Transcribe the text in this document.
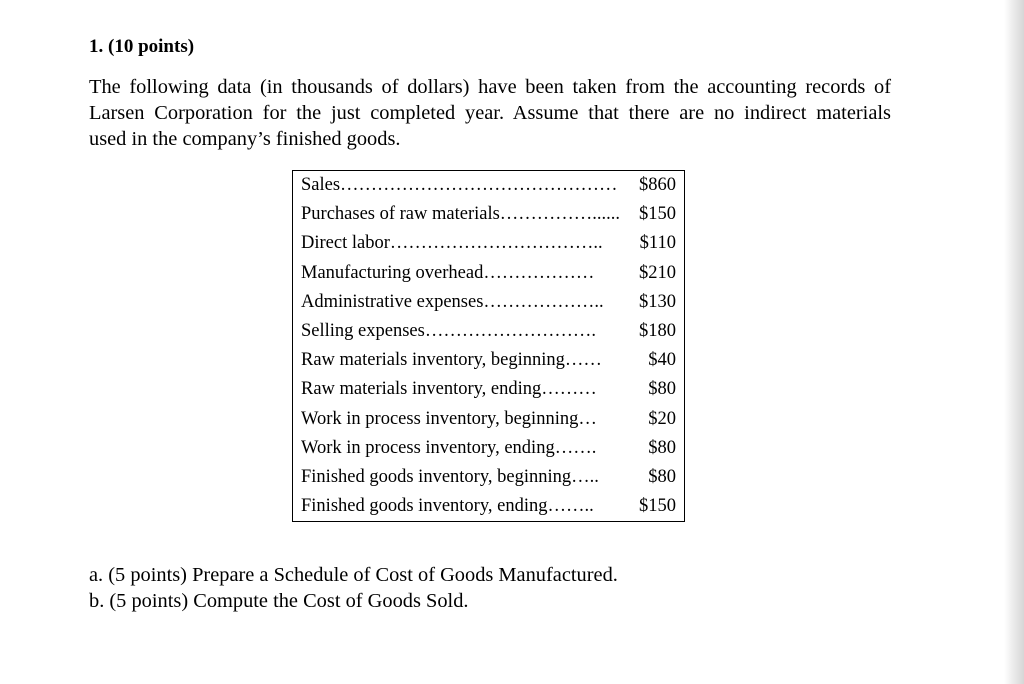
1. (10 points)
The following data (in thousands of dollars) have been taken from the accounting records of
Larsen Corporation for the just completed year. Assume that there are no indirect materials
used in the company’s finished goods.
Sales………………………………………	$860
Purchases of raw materials……………......	$150
Direct labor……………………………..	$110
Manufacturing overhead………………	$210
Administrative expenses………………..	$130
Selling expenses……………………….	$180
Raw materials inventory, beginning……	$40
Raw materials inventory, ending………	$80
Work in process inventory, beginning…	$20
Work in process inventory, ending…….	$80
Finished goods inventory, beginning…..	$80
Finished goods inventory, ending……..	$150
a. (5 points) Prepare a Schedule of Cost of Goods Manufactured.
b. (5 points) Compute the Cost of Goods Sold.
